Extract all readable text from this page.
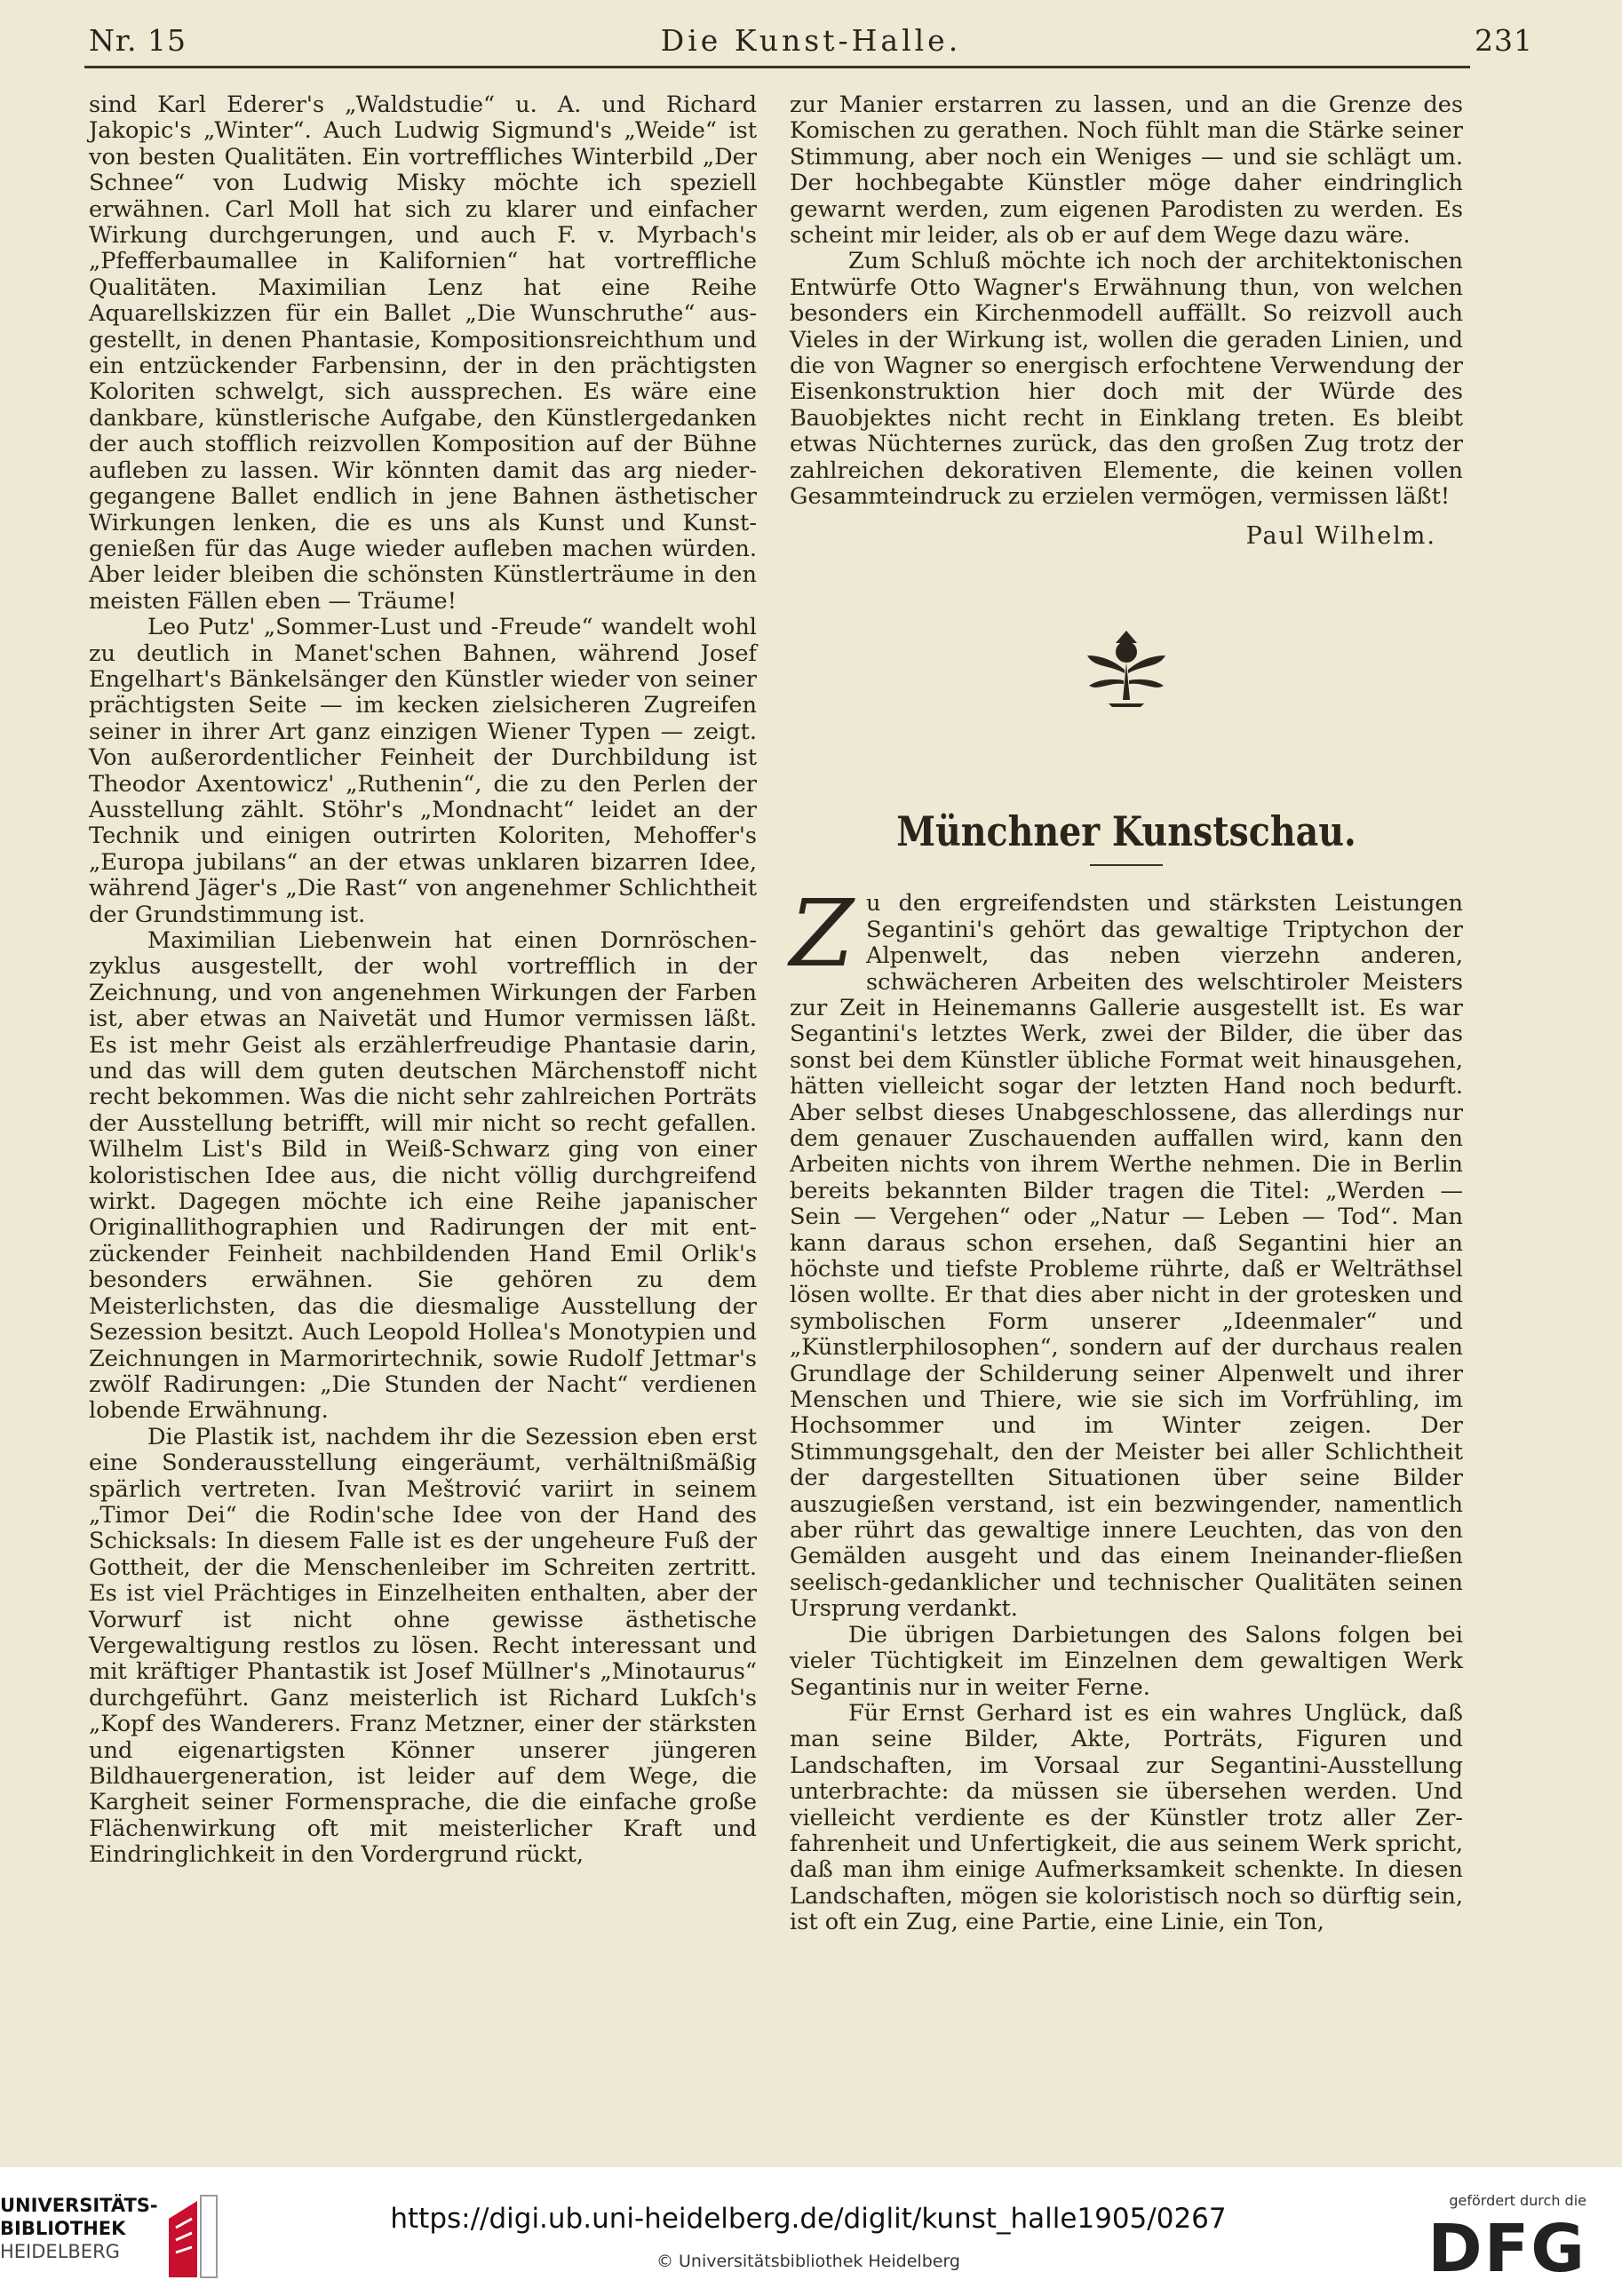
Nr. 15	Die Kunst-Halle.	231

sind Karl Ederer's „Waldstudie“ u. A. und Richard Jakopic's „Winter“. Auch Ludwig Sigmund's „Weide“ ist von besten Qualitäten. Ein vortreffliches Winterbild „Der Schnee“ von Ludwig Misky möchte ich speziell erwähnen. Carl Moll hat sich zu klarer und einfacher Wirkung durchgerungen, und auch F. v. Myrbach's „Pfefferbaumallee in Kalifornien“ hat vortreffliche Qualitäten. Maximilian Lenz hat eine Reihe Aquarellskizzen für ein Ballet „Die Wunschruthe“ ausgestellt, in denen Phantasie, Kompositionsreichthum und ein entzückender Farbensinn, der in den prächtigsten Koloriten schwelgt, sich aussprechen. Es wäre eine dankbare, künstlerische Aufgabe, den Künstlergedanken der auch stofflich reizvollen Komposition auf der Bühne aufleben zu lassen. Wir könnten damit das arg niedergegangene Ballet endlich in jene Bahnen ästhetischer Wirkungen lenken, die es uns als Kunst und Kunstgenießen für das Auge wieder aufleben machen würden. Aber leider bleiben die schönsten Künstlerträume in den meisten Fällen eben — Träume!

Leo Putz' „Sommer-Lust und -Freude“ wandelt wohl zu deutlich in Manet'schen Bahnen, während Josef Engelhart's Bänkelsänger den Künstler wieder von seiner prächtigsten Seite — im kecken zielsicheren Zugreifen seiner in ihrer Art ganz einzigen Wiener Typen — zeigt. Von außerordentlicher Feinheit der Durchbildung ist Theodor Axentowicz' „Ruthenin“, die zu den Perlen der Ausstellung zählt. Stöhr's „Mondnacht“ leidet an der Technik und einigen outrirten Koloriten, Mehoffer's „Europa jubilans“ an der etwas unklaren bizarren Idee, während Jäger's „Die Rast“ von angenehmer Schlichtheit der Grundstimmung ist.

Maximilian Liebenwein hat einen Dornröschenzyklus ausgestellt, der wohl vortrefflich in der Zeichnung, und von angenehmen Wirkungen der Farben ist, aber etwas an Naivetät und Humor vermissen läßt. Es ist mehr Geist als erzählerfreudige Phantasie darin, und das will dem guten deutschen Märchenstoff nicht recht bekommen. Was die nicht sehr zahlreichen Porträts der Ausstellung betrifft, will mir nicht so recht gefallen. Wilhelm List's Bild in Weiß-Schwarz ging von einer koloristischen Idee aus, die nicht völlig durchgreifend wirkt. Dagegen möchte ich eine Reihe japanischer Originallithographien und Radirungen der mit entzückender Feinheit nachbildenden Hand Emil Orlik's besonders erwähnen. Sie gehören zu dem Meisterlichsten, das die diesmalige Ausstellung der Sezession besitzt. Auch Leopold Hollea's Monotypien und Zeichnungen in Marmorirtechnik, sowie Rudolf Jettmar's zwölf Radirungen: „Die Stunden der Nacht“ verdienen lobende Erwähnung.

Die Plastik ist, nachdem ihr die Sezession eben erst eine Sonderausstellung eingeräumt, verhältnißmäßig spärlich vertreten. Ivan Meštrović variirt in seinem „Timor Dei“ die Rodin'sche Idee von der Hand des Schicksals: In diesem Falle ist es der ungeheure Fuß der Gottheit, der die Menschenleiber im Schreiten zertritt. Es ist viel Prächtiges in Einzelheiten enthalten, aber der Vorwurf ist nicht ohne gewisse ästhetische Vergewaltigung restlos zu lösen. Recht interessant und mit kräftiger Phantastik ist Josef Müllner's „Minotaurus“ durchgeführt. Ganz meisterlich ist Richard Lukſch's „Kopf des Wanderers. Franz Metzner, einer der stärksten und eigenartigsten Könner unserer jüngeren Bildhauergeneration, ist leider auf dem Wege, die Kargheit seiner Formensprache, die die einfache große Flächenwirkung oft mit meisterlicher Kraft und Eindringlichkeit in den Vordergrund rückt,

zur Manier erstarren zu lassen, und an die Grenze des Komischen zu gerathen. Noch fühlt man die Stärke seiner Stimmung, aber noch ein Weniges — und sie schlägt um. Der hochbegabte Künstler möge daher eindringlich gewarnt werden, zum eigenen Parodisten zu werden. Es scheint mir leider, als ob er auf dem Wege dazu wäre.

Zum Schluß möchte ich noch der architektonischen Entwürfe Otto Wagner's Erwähnung thun, von welchen besonders ein Kirchenmodell auffällt. So reizvoll auch Vieles in der Wirkung ist, wollen die geraden Linien, und die von Wagner so energisch erfochtene Verwendung der Eisenkonstruktion hier doch mit der Würde des Bauobjektes nicht recht in Einklang treten. Es bleibt etwas Nüchternes zurück, das den großen Zug trotz der zahlreichen dekorativen Elemente, die keinen vollen Gesammteindruck zu erzielen vermögen, vermissen läßt!

Paul Wilhelm.

Münchner Kunstschau.
Z u den ergreifendsten und stärksten Leistungen Segantini's gehört das gewaltige Triptychon der Alpenwelt, das neben vierzehn anderen, schwächeren Arbeiten des welschtiroler Meisters zur Zeit in Heinemanns Gallerie ausgestellt ist. Es war Segantini's letztes Werk, zwei der Bilder, die über das sonst bei dem Künstler übliche Format weit hinausgehen, hätten vielleicht sogar der letzten Hand noch bedurft. Aber selbst dieses Unabgeschlossene, das allerdings nur dem genauer Zuschauenden auffallen wird, kann den Arbeiten nichts von ihrem Werthe nehmen. Die in Berlin bereits bekannten Bilder tragen die Titel: „Werden — Sein — Vergehen“ oder „Natur — Leben — Tod“. Man kann daraus schon ersehen, daß Segantini hier an höchste und tiefste Probleme rührte, daß er Welträthsel lösen wollte. Er that dies aber nicht in der grotesken und symbolischen Form unserer „Ideenmaler“ und „Künstlerphilosophen“, sondern auf der durchaus realen Grundlage der Schilderung seiner Alpenwelt und ihrer Menschen und Thiere, wie sie sich im Vorfrühling, im Hochsommer und im Winter zeigen. Der Stimmungsgehalt, den der Meister bei aller Schlichtheit der dargestellten Situationen über seine Bilder auszugießen verstand, ist ein bezwingender, namentlich aber rührt das gewaltige innere Leuchten, das von den Gemälden ausgeht und das einem Ineinander-fließen seelisch-gedanklicher und technischer Qualitäten seinen Ursprung verdankt.

Die übrigen Darbietungen des Salons folgen bei vieler Tüchtigkeit im Einzelnen dem gewaltigen Werk Segantinis nur in weiter Ferne.

Für Ernst Gerhard ist es ein wahres Unglück, daß man seine Bilder, Akte, Porträts, Figuren und Landschaften, im Vorsaal zur Segantini-Ausstellung unterbrachte: da müssen sie übersehen werden. Und vielleicht verdiente es der Künstler trotz aller Zerfahrenheit und Unfertigkeit, die aus seinem Werk spricht, daß man ihm einige Aufmerksamkeit schenkte. In diesen Landschaften, mögen sie koloristisch noch so dürftig sein, ist oft ein Zug, eine Partie, eine Linie, ein Ton,

UNIVERSITÄTS-
BIBLIOTHEK
HEIDELBERG
https://digi.ub.uni-heidelberg.de/diglit/kunst_halle1905/0267
© Universitätsbibliothek Heidelberg
gefördert durch die
DFG
